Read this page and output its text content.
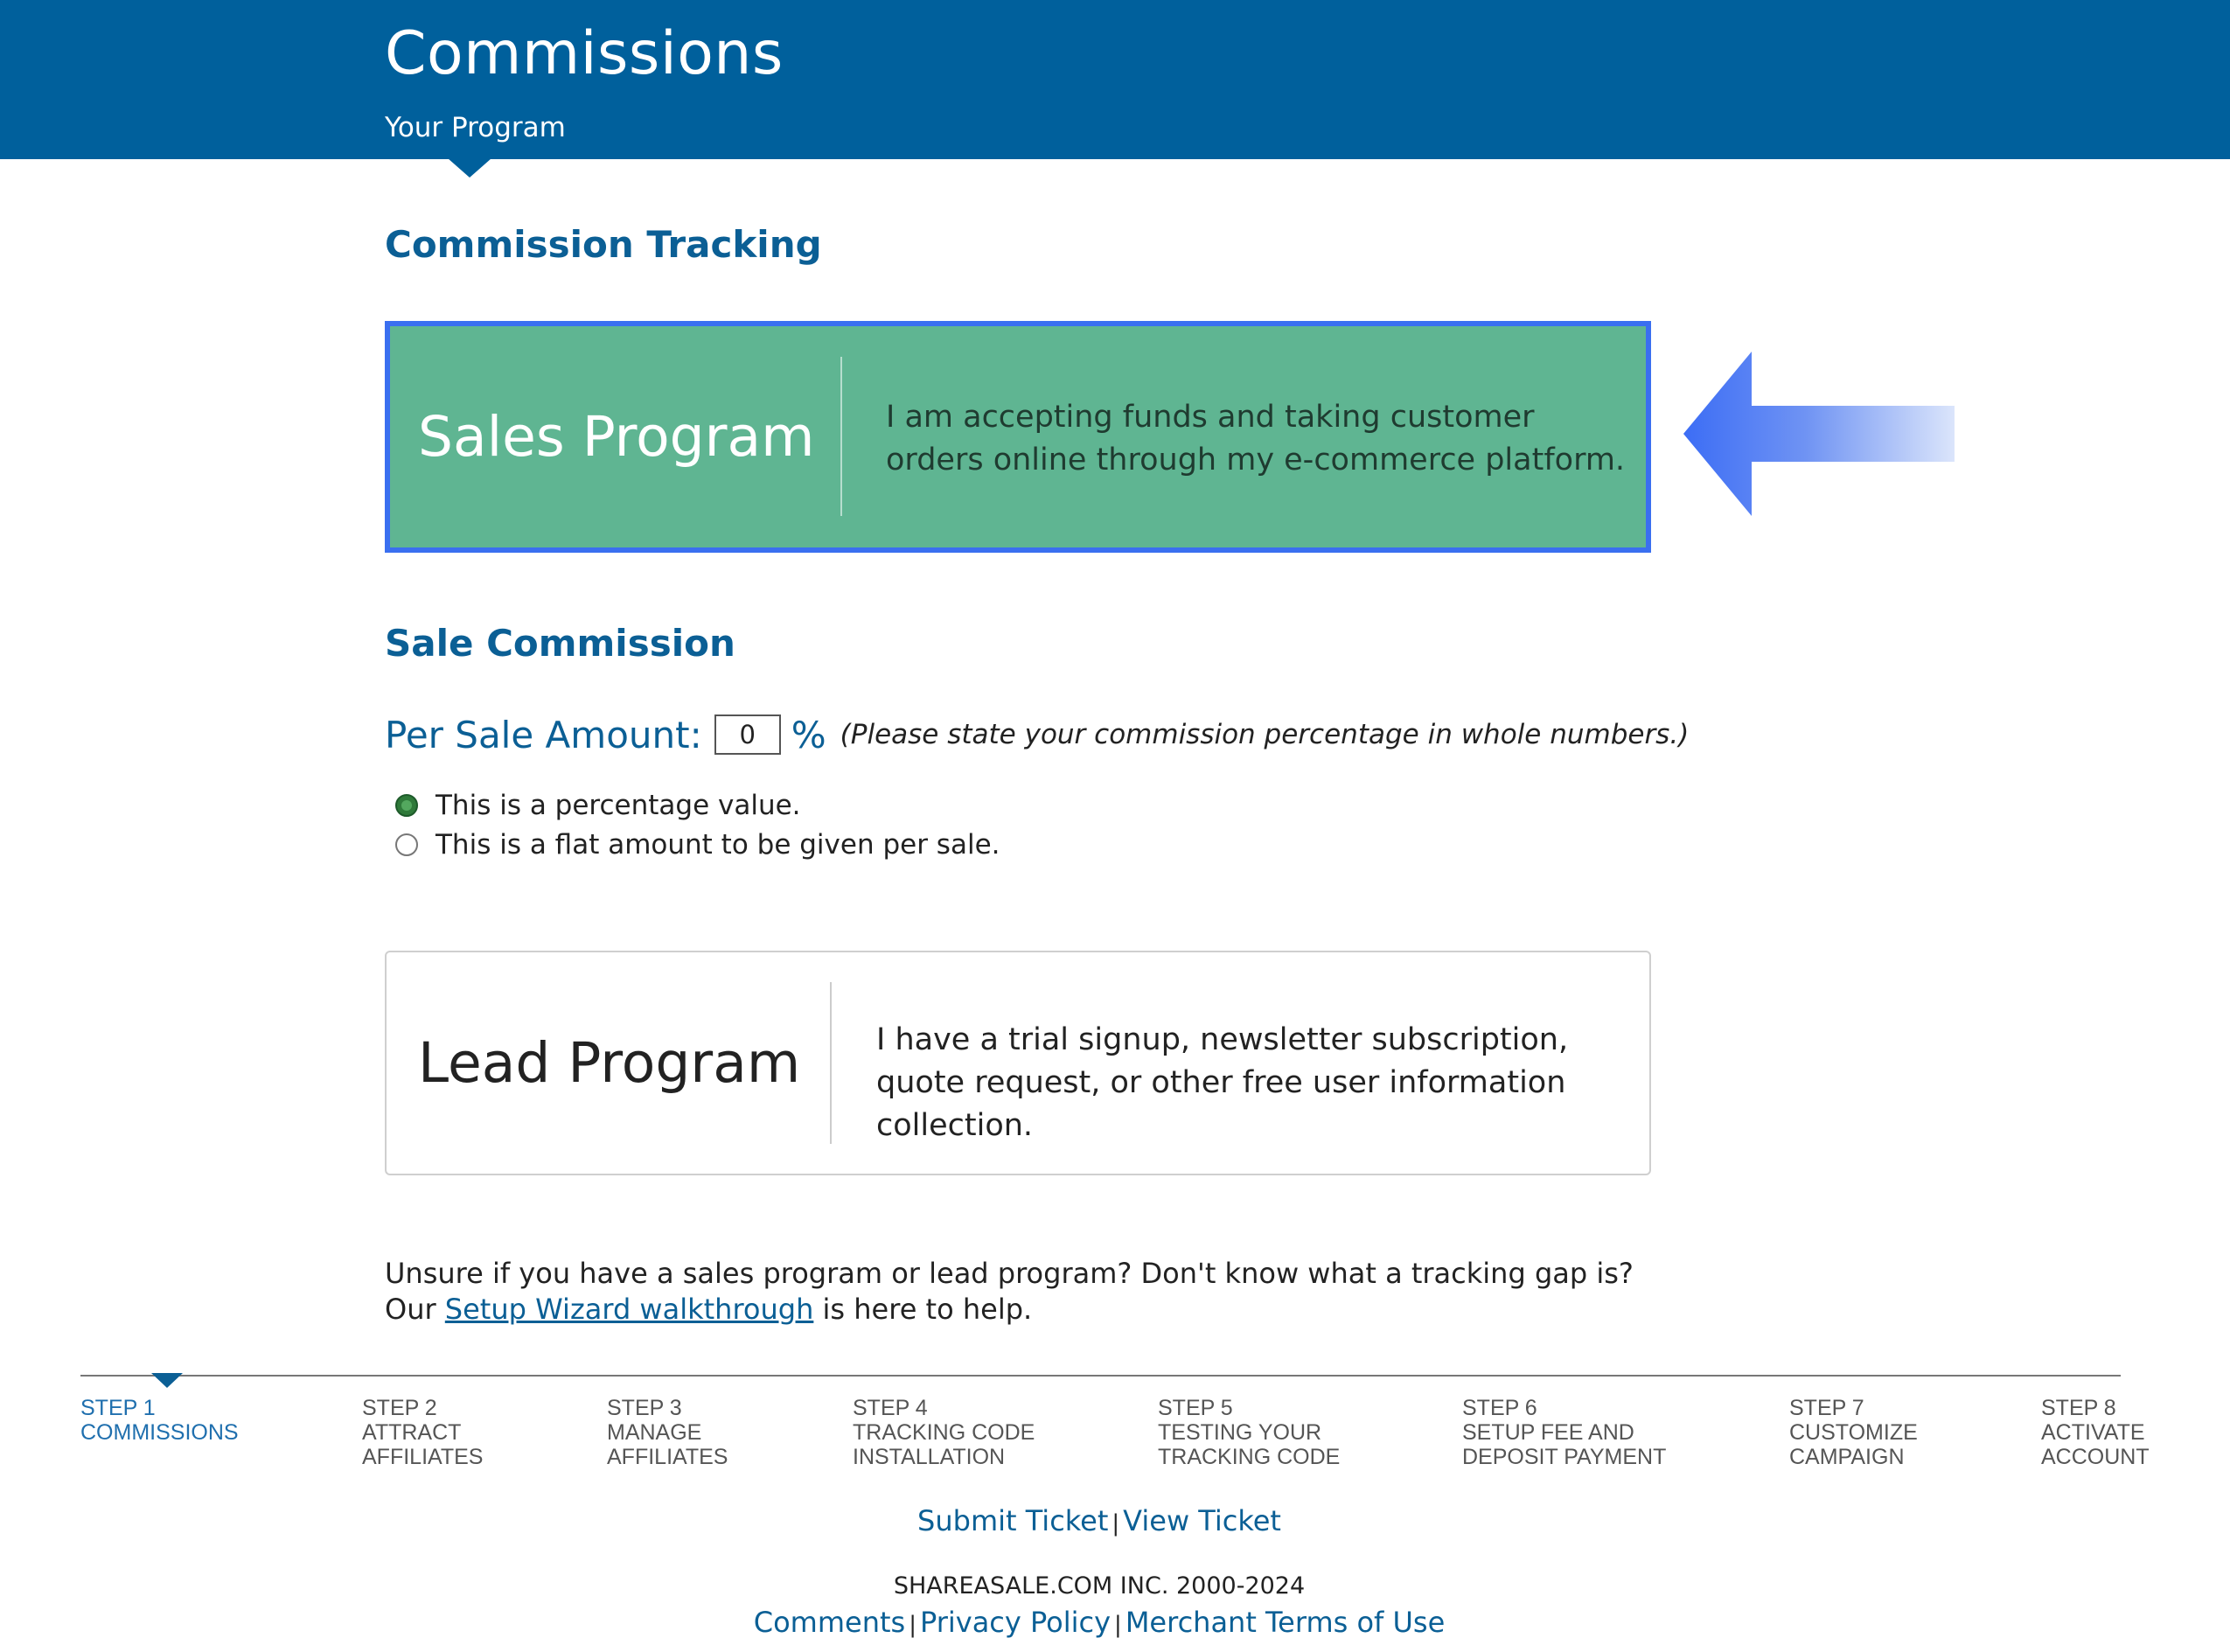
Commissions
Your Program
Commission Tracking
Sales Program I am accepting funds and taking customer orders online through my e-commerce platform.
Sale Commission
Per Sale Amount:
0 % (Please state your commission percentage in whole numbers.)
This is a percentage value.
This is a flat amount to be given per sale.
Lead Program I have a trial signup, newsletter subscription, quote request, or other free user information collection.
Unsure if you have a sales program or lead program? Don't know what a tracking gap is? Our Setup Wizard walkthrough is here to help.
STEP 1
COMMISSIONS
STEP 2
ATTRACT
AFFILIATES
STEP 3
MANAGE
AFFILIATES
STEP 4
TRACKING CODE
INSTALLATION
STEP 5
TESTING YOUR
TRACKING CODE
STEP 6
SETUP FEE AND
DEPOSIT PAYMENT
STEP 7
CUSTOMIZE
CAMPAIGN
STEP 8
ACTIVATE
ACCOUNT
Submit Ticket | View Ticket
SHAREASALE.COM INC. 2000-2024
Comments | Privacy Policy | Merchant Terms of Use
